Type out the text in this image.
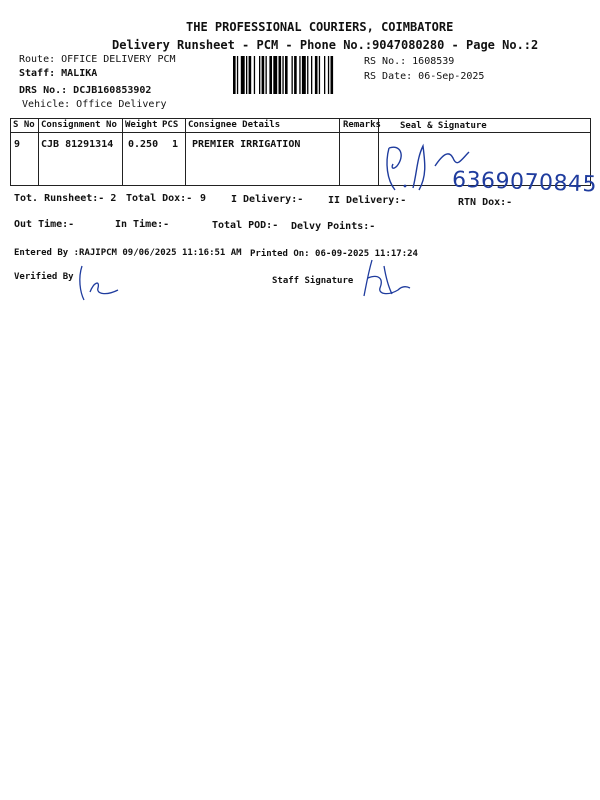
THE PROFESSIONAL COURIERS, COIMBATORE
Delivery Runsheet - PCM - Phone No.:9047080280 - Page No.:2
Route: OFFICE DELIVERY PCM
Staff: MALIKA
DRS No.: DCJB160853902
Vehicle: Office Delivery
RS No.: 1608539
RS Date: 06-Sep-2025
S No Consignment No Weight PCS Consignee Details	Remarks Seal & Signature
9 CJB 81291314 0.250 1 PREMIER IRRIGATION
6369070845
Tot. Runsheet:- 2 Total Dox:- 9 I Delivery:- II Delivery:-	RTN Dox:-
Out Time:-	In Time:-	Total POD:- Delvy Points:-
Entered By :RAJIPCM 09/06/2025 11:16:51 AM Printed On: 06-09-2025 11:17:24
Verified By	Staff Signature
